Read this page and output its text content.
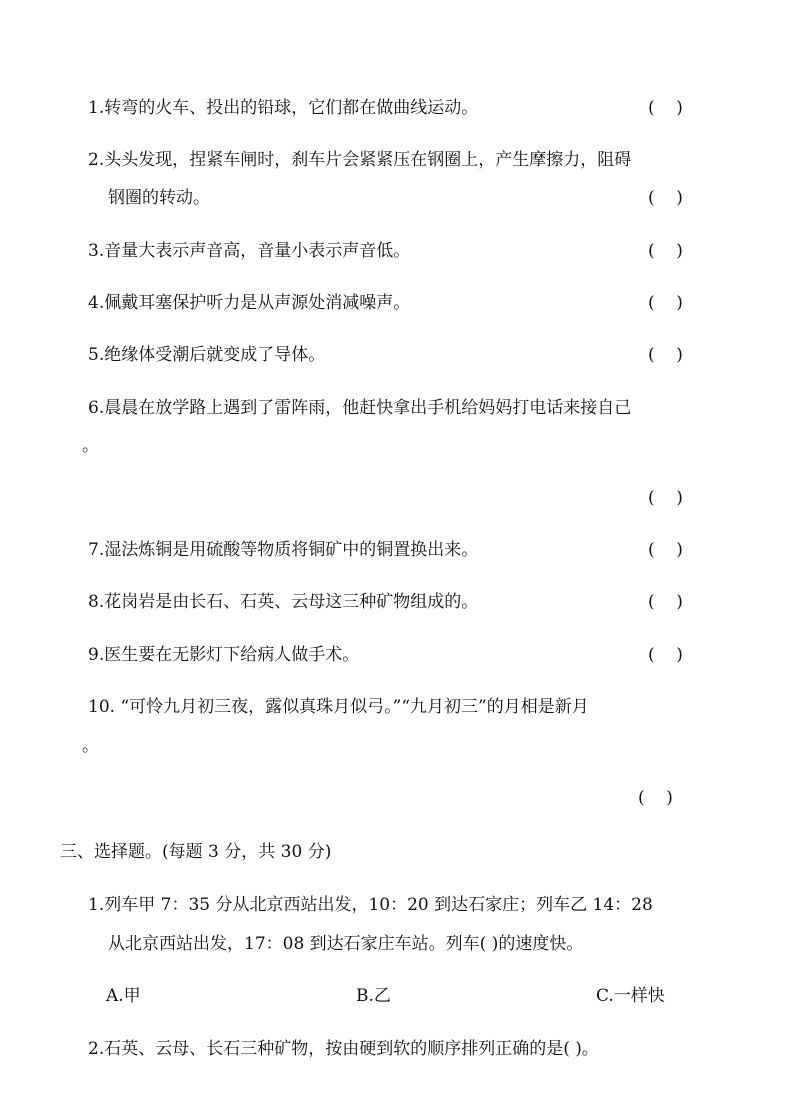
1.转弯的火车、投出的铅球，它们都在做曲线运动。	(    )
2.头头发现，捏紧车闸时，刹车片会紧紧压在钢圈上，产生摩擦力，阻碍
钢圈的转动。	(    )
3.音量大表示声音高，音量小表示声音低。	(    )
4.佩戴耳塞保护听力是从声源处消减噪声。	(    )
5.绝缘体受潮后就变成了导体。	(    )
6.晨晨在放学路上遇到了雷阵雨，他赶快拿出手机给妈妈打电话来接自己
。
(    )
7.湿法炼铜是用硫酸等物质将铜矿中的铜置换出来。	(    )
8.花岗岩是由长石、石英、云母这三种矿物组成的。	(    )
9.医生要在无影灯下给病人做手术。	(    )
10. “可怜九月初三夜，露似真珠月似弓。”“九月初三”的月相是新月
。
(    )
三、选择题。(每题 3 分，共 30 分)
1.列车甲 7：35 分从北京西站出发，10：20 到达石家庄；列车乙 14：28
从北京西站出发，17：08 到达石家庄车站。列车( )的速度快。
A.甲	B.乙	C.一样快
2.石英、云母、长石三种矿物，按由硬到软的顺序排列正确的是( )。
